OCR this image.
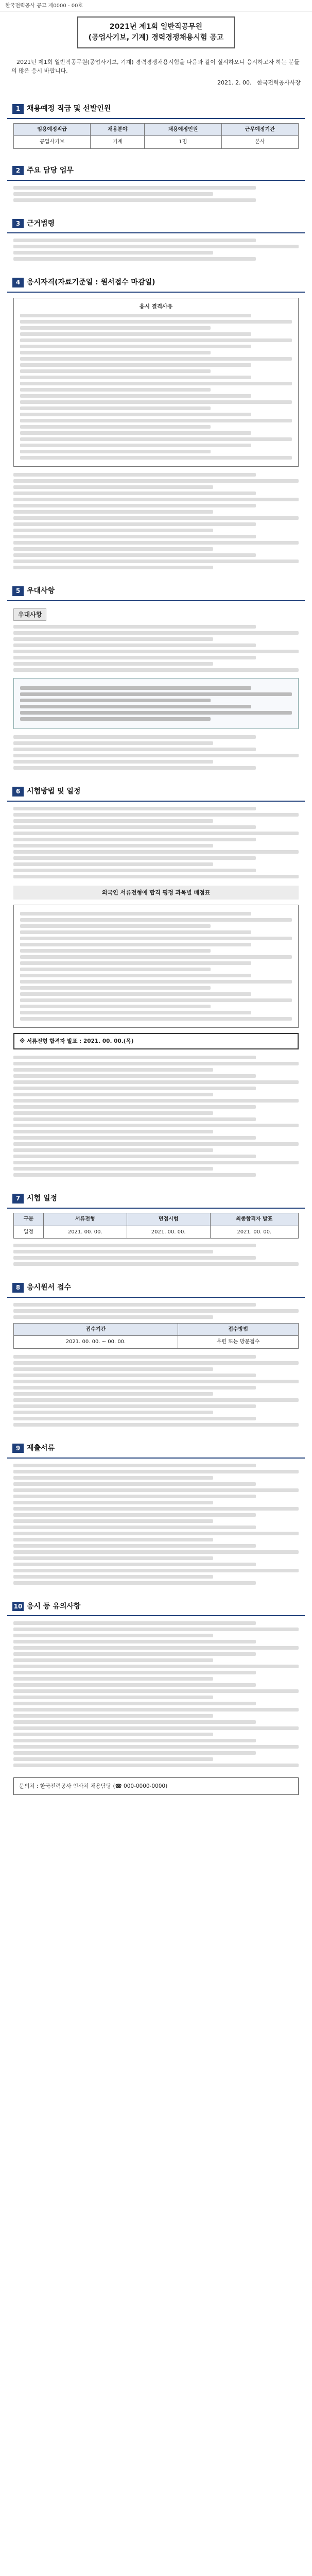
한국전력공사 공고 제0000 - 00호
2021년 제1회 일반직공무원
(공업사기보, 기계) 경력경쟁채용시험 공고
2021년 제1회 일반직공무원(공업사기보, 기계) 경력경쟁채용시험을 다음과 같이 실시하오니 응시하고자 하는 분들의 많은 응시 바랍니다.
2021. 2. 00. 한국전력공사사장
1 채용예정 직급 및 선발인원
임용예정직급	채용분야	채용예정인원	근무예정기관
공업사기보	기계	1명	본사
2 주요 담당 업무
3 근거법령
4 응시자격(자료기준일 : 원서접수 마감일)
응시 결격사유
5 우대사항
우대사항
6 시험방법 및 일정
외국인 서류전형에 합격 평정 과목별 배점표
※ 서류전형 합격자 발표 : 2021. 00. 00.(목)
7 시험 일정
구분	서류전형	면접시험	최종합격자 발표
일정	2021. 00. 00.	2021. 00. 00.	2021. 00. 00.
8 응시원서 접수
접수기간	접수방법
2021. 00. 00. ~ 00. 00.	우편 또는 방문접수
9 제출서류
10 응시 등 유의사항
문의처 : 한국전력공사 인사처 채용담당 (☎ 000-0000-0000)
